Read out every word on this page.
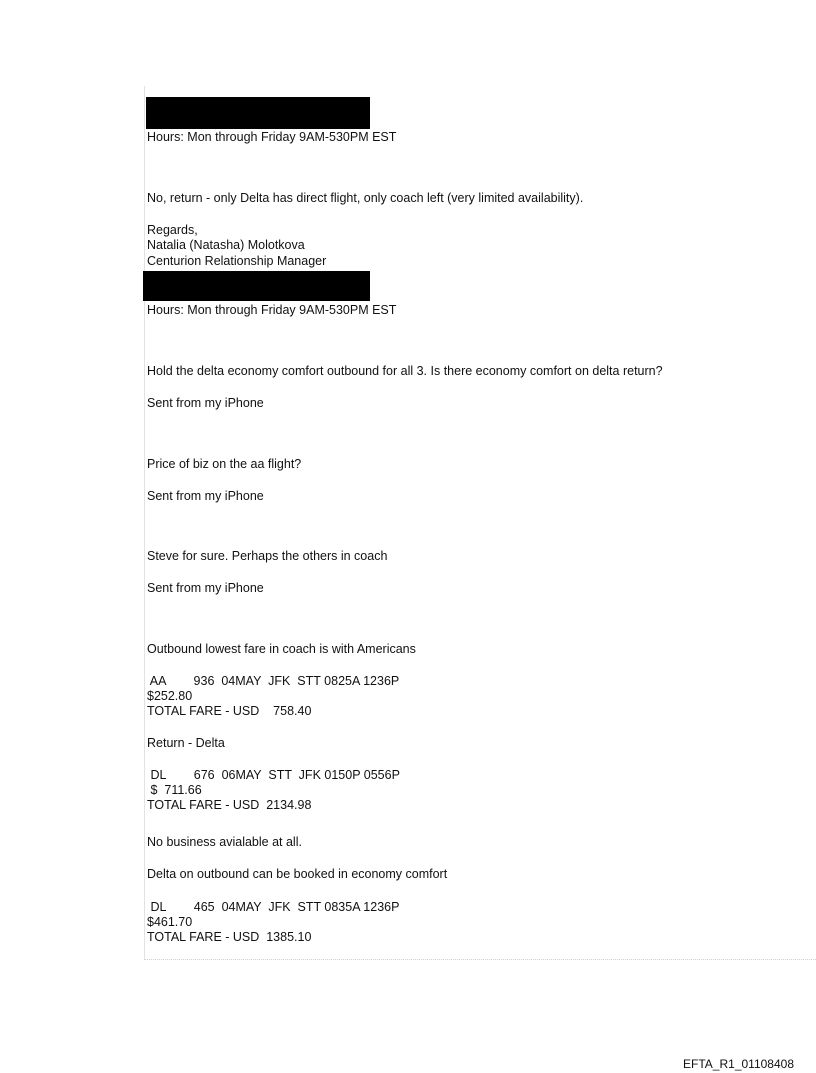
Hours: Mon through Friday 9AM-530PM EST
No, return - only Delta has direct flight, only coach left (very limited availability).
Regards,
Natalia (Natasha) Molotkova
Centurion Relationship Manager
Hours: Mon through Friday 9AM-530PM EST
Hold the delta economy comfort outbound for all 3. Is there economy comfort on delta return?
Sent from my iPhone
Price of biz on the aa flight?
Sent from my iPhone
Steve for sure. Perhaps the others in coach
Sent from my iPhone
Outbound lowest fare in coach is with Americans
AA        936  04MAY  JFK  STT 0825A 1236P
$252.80
TOTAL FARE - USD    758.40
Return - Delta
DL        676  06MAY  STT  JFK 0150P 0556P
$  711.66
TOTAL FARE - USD  2134.98
No business avialable at all.
Delta on outbound can be booked in economy comfort
DL        465  04MAY  JFK  STT 0835A 1236P
$461.70
TOTAL FARE - USD  1385.10
EFTA_R1_01108408
